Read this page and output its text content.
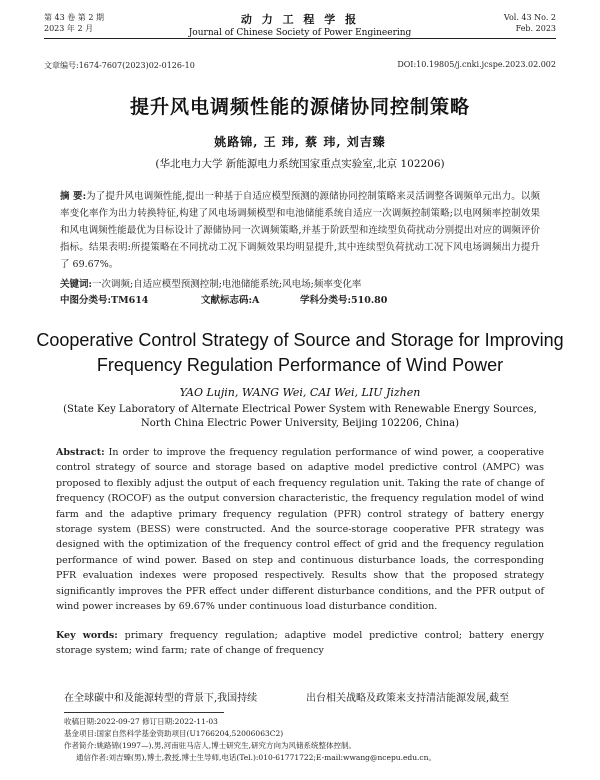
第 43 卷 第 2 期
2023 年 2 月
动 力 工 程 学 报
Journal of Chinese Society of Power Engineering
Vol. 43 No. 2
Feb. 2023
文章编号:1674-7607(2023)02-0126-10	DOI:10.19805/j.cnki.jcspe.2023.02.002
提升风电调频性能的源储协同控制策略
姚路锦, 王 玮, 蔡 玮, 刘吉臻
(华北电力大学 新能源电力系统国家重点实验室,北京 102206)
摘 要:为了提升风电调频性能,提出一种基于自适应模型预测的源储协同控制策略来灵活调整各调频单元出力。以频率变化率作为出力转换特征,构建了风电场调频模型和电池储能系统自适应一次调频控制策略;以电网频率控制效果和风电调频性能最优为目标设计了源储协同一次调频策略,并基于阶跃型和连续型负荷扰动分别提出对应的调频评价指标。结果表明:所提策略在不同扰动工况下调频效果均明显提升,其中连续型负荷扰动工况下风电场调频出力提升了 69.67%。
关键词:一次调频;自适应模型预测控制;电池储能系统;风电场;频率变化率
中图分类号:TM614	文献标志码:A	学科分类号:510.80
Cooperative Control Strategy of Source and Storage for Improving
Frequency Regulation Performance of Wind Power
YAO Lujin, WANG Wei, CAI Wei, LIU Jizhen
(State Key Laboratory of Alternate Electrical Power System with Renewable Energy Sources,
North China Electric Power University, Beijing 102206, China)
Abstract: In order to improve the frequency regulation performance of wind power, a cooperative control strategy of source and storage based on adaptive model predictive control (AMPC) was proposed to flexibly adjust the output of each frequency regulation unit. Taking the rate of change of frequency (ROCOF) as the output conversion characteristic, the frequency regulation model of wind farm and the adaptive primary frequency regulation (PFR) control strategy of battery energy storage system (BESS) were constructed. And the source-storage cooperative PFR strategy was designed with the optimization of the frequency control effect of grid and the frequency regulation performance of wind power. Based on step and continuous disturbance loads, the corresponding PFR evaluation indexes were proposed respectively. Results show that the proposed strategy significantly improves the PFR effect under different disturbance conditions, and the PFR output of wind power increases by 69.67% under continuous load disturbance condition.
Key words: primary frequency regulation; adaptive model predictive control; battery energy storage system; wind farm; rate of change of frequency
在全球碳中和及能源转型的背景下,我国持续	出台相关战略及政策来支持清洁能源发展,截至
收稿日期:2022-09-27 修订日期:2022-11-03
基金项目:国家自然科学基金资助项目(U1766204,52006063C2)
作者简介:姚路锦(1997—),男,河南驻马店人,博士研究生,研究方向为风储系统整体控制。
通信作者:刘吉臻(男),博士,教授,博士生导师,电话(Tel.):010-61771722;E-mail:wwang@ncepu.edu.cn。
